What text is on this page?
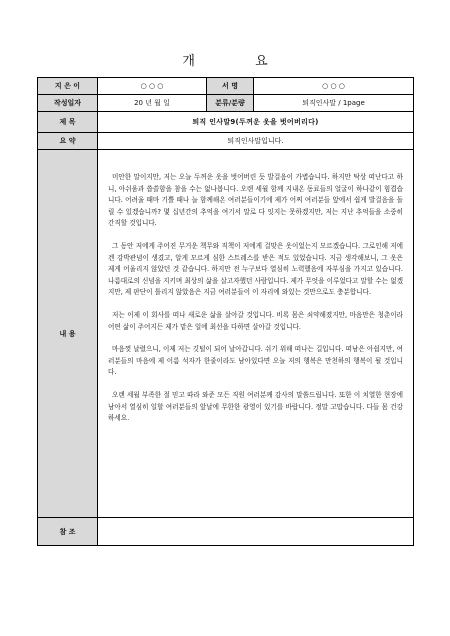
개 요
지 은 이	○ ○ ○	서 명	○ ○ ○
작성일자	20 년 월 일	분류/분량	퇴직인사말 / 1page
제 목	퇴직 인사말9(두꺼운 옷을 벗어버리다)		
요 약	퇴직인사말입니다.		
내 용	미안한 말이지만, 저는 오늘 두꺼운 옷을 벗어버린 듯 발걸음이 가볍습니다. 하지만 탁상 떠난다고 하니, 아쉬움과 씁쓸함을 참을 수는 없나봅니다. 오랜 세월 함께 지내온 동료들의 얼굴이 하나같이 힘겹습니다. 어려울 때마 기쁠 때나 늘 함께해온 여러분들이기에 제가 어찌 여러분들 앞에서 쉽게 발걸음을 돌릴 수 있겠습니까? 몇 십년간의 추억을 여기서 말로 다 잇지는 못하겠지만, 저는 지난 추억들을 소중히 간직할 것입니다.

그 동안 저에게 주어진 무거운 책무와 직책이 저에게 걸맞은 옷이었는지 모르겠습니다. 그로인해 저에겐 강박관념이 생겼고, 알게 모르게 심한 스트레스를 받은 적도 있었습니다. 지금 생각해보니, 그 옷은 제게 어울리지 않았던 것 같습니다. 하지만 전 누구보다 열심히 노력했음에 자부심을 가지고 있습니다. 나름대로의 신념을 지키며 최상의 삶을 살고자했던 사람입니다. 제가 무엇을 이루었다고 말할 수는 없겠지만, 제 판단이 틀리지 않았음은 지금 여러분들이 이 자리에 와있는 것만으로도 충분합니다.

저는 이제 이 회사를 떠나 새로운 삶을 살아갈 것입니다. 비록 몸은 쇠약해졌지만, 마음만은 청춘이라 어떤 삶이 주어지든 제가 맡은 일에 최선을 다하면 살아갈 것입니다.

마음껏 날렸으니, 이제 저는 깃털이 되어 날아갑니다. 쉬기 위해 떠나는 길입니다. 떠남은 아쉽지만, 여러분들의 마음에 제 이름 석자가 한줄이라도 남아있다면 오늘 저의 행복은 만천하의 행복이 될 것입니다.

오랜 세월 부족한 절 믿고 따라 와준 모든 직원 여러분께 감사의 말씀드립니다. 또한 이 치열한 현장에 남아서 열심히 일할 여러분들의 앞날에 무한한 광영이 있기를 바랍니다. 정말 고맙습니다. 다들 몸 건강하세요.		

참 조			
